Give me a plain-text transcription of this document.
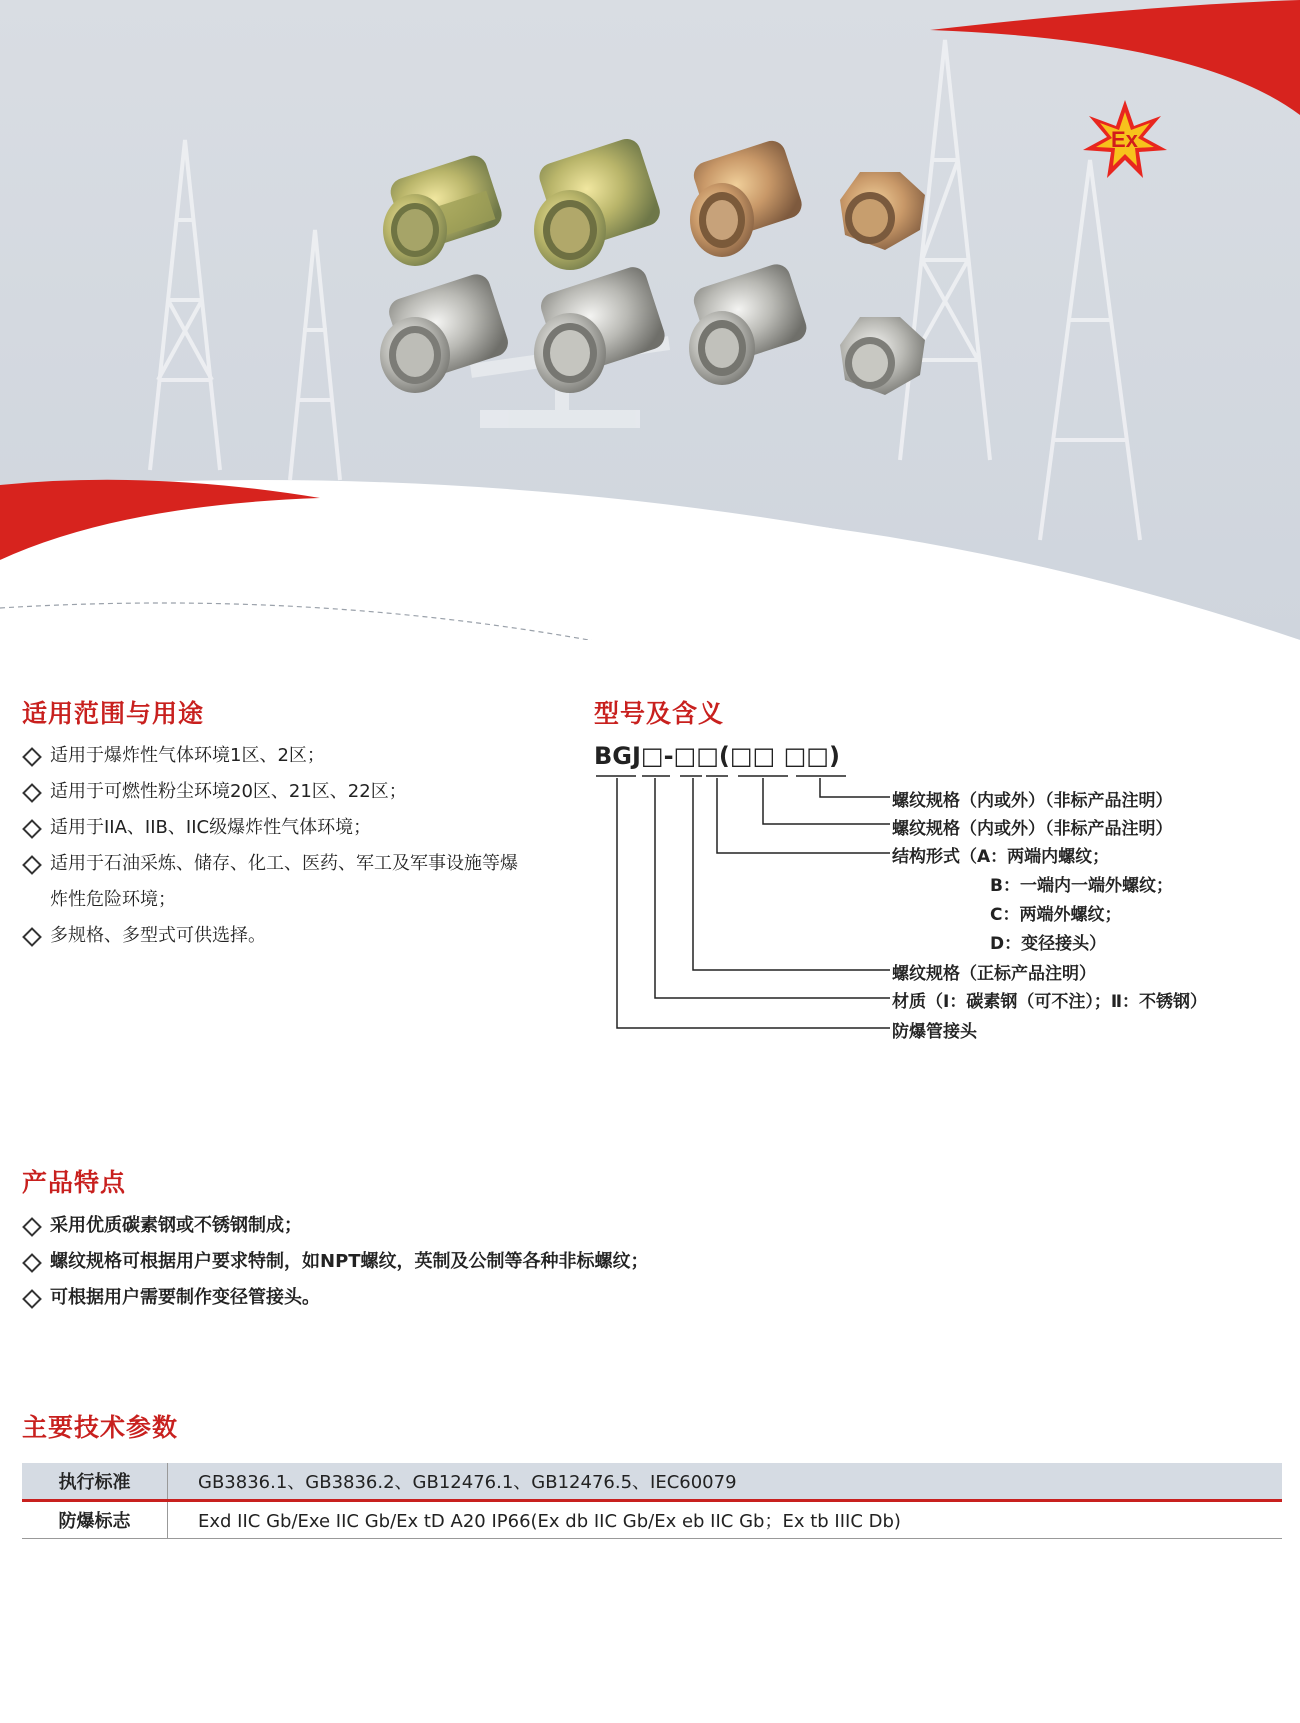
Ex
适用范围与用途
适用于爆炸性气体环境1区、2区；
适用于可燃性粉尘环境20区、21区、22区；
适用于IIA、IIB、IIC级爆炸性气体环境；
适用于石油采炼、储存、化工、医药、军工及军事设施等爆炸性危险环境；
多规格、多型式可供选择。
型号及含义
BGJ□-□□(□□ □□)
螺纹规格（内或外）（非标产品注明）
螺纹规格（内或外）（非标产品注明）
结构形式（A：两端内螺纹；
B：一端内一端外螺纹；
C：两端外螺纹；
D：变径接头）
螺纹规格（正标产品注明）
材质（Ⅰ：碳素钢（可不注）；Ⅱ：不锈钢）
防爆管接头
产品特点
采用优质碳素钢或不锈钢制成；
螺纹规格可根据用户要求特制，如NPT螺纹，英制及公制等各种非标螺纹；
可根据用户需要制作变径管接头。
主要技术参数
执行标准	GB3836.1、GB3836.2、GB12476.1、GB12476.5、IEC60079
防爆标志	Exd IIC Gb/Exe IIC Gb/Ex tD A20 IP66(Ex db IIC Gb/Ex eb IIC Gb；Ex tb IIIC Db)
